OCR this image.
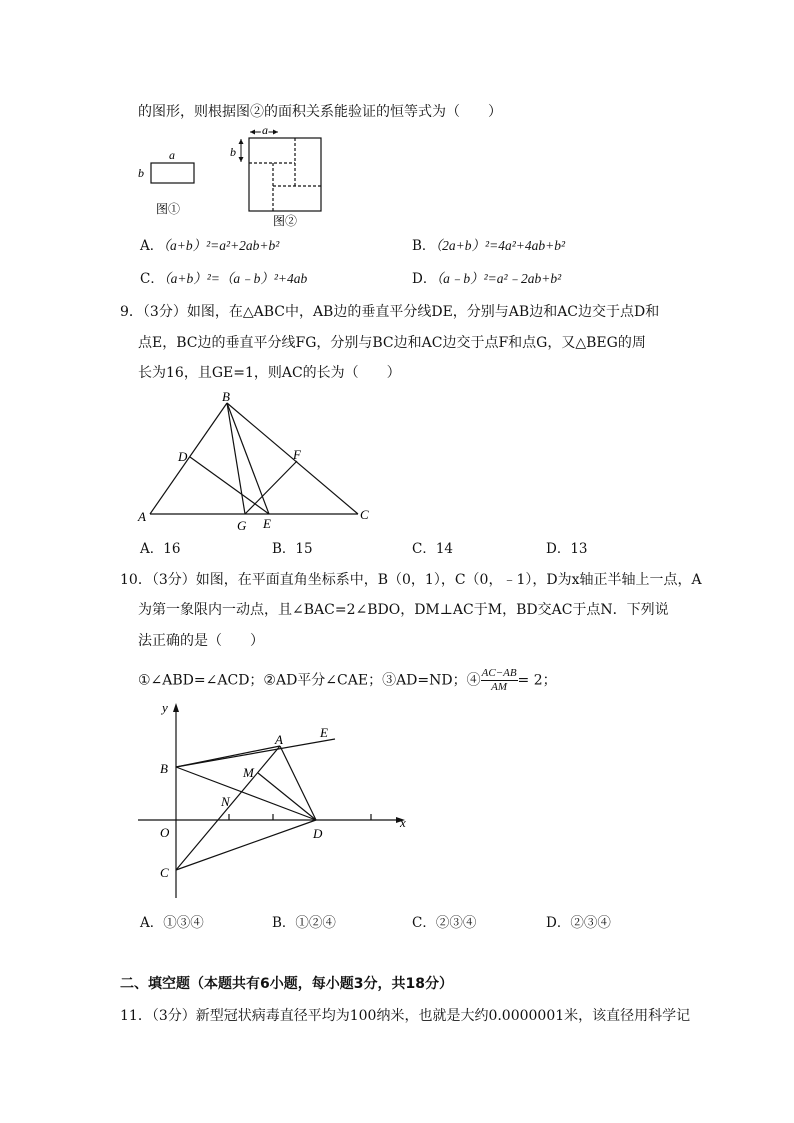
的图形，则根据图②的面积关系能验证的恒等式为（　　）
a
b
图①
a
b
图②
A．（a+b）²=a²+2ab+b²	B．（2a+b）²=4a²+4ab+b²
C．（a+b）²=（a﹣b）²+4ab	D．（a﹣b）²=a²﹣2ab+b²
9．（3分）如图，在△ABC中，AB边的垂直平分线DE，分别与AB边和AC边交于点D和
点E，BC边的垂直平分线FG，分别与BC边和AC边交于点F和点G，又△BEG的周
长为16，且GE=1，则AC的长为（　　）
B
D	F
A
G E
C
A．16	B．15	C．14	D．13
10．（3分）如图，在平面直角坐标系中，B（0，1），C（0，﹣1），D为x轴正半轴上一点，A
为第一象限内一动点，且∠BAC=2∠BDO，DM⊥AC于M，BD交AC于点N．下列说
法正确的是（　　）
①∠ABD=∠ACD；②AD平分∠CAE；③AD=ND；④ $\frac{AC-AB}{AM} = 2$；
y
x
E
A
B	M
N
O	D
C
A．①③④	B．①②④	C．②③④	D．②③④
二、填空题（本题共有6小题，每小题3分，共18分）
11．（3分）新型冠状病毒直径平均为100纳米，也就是大约0.0000001米，该直径用科学记
